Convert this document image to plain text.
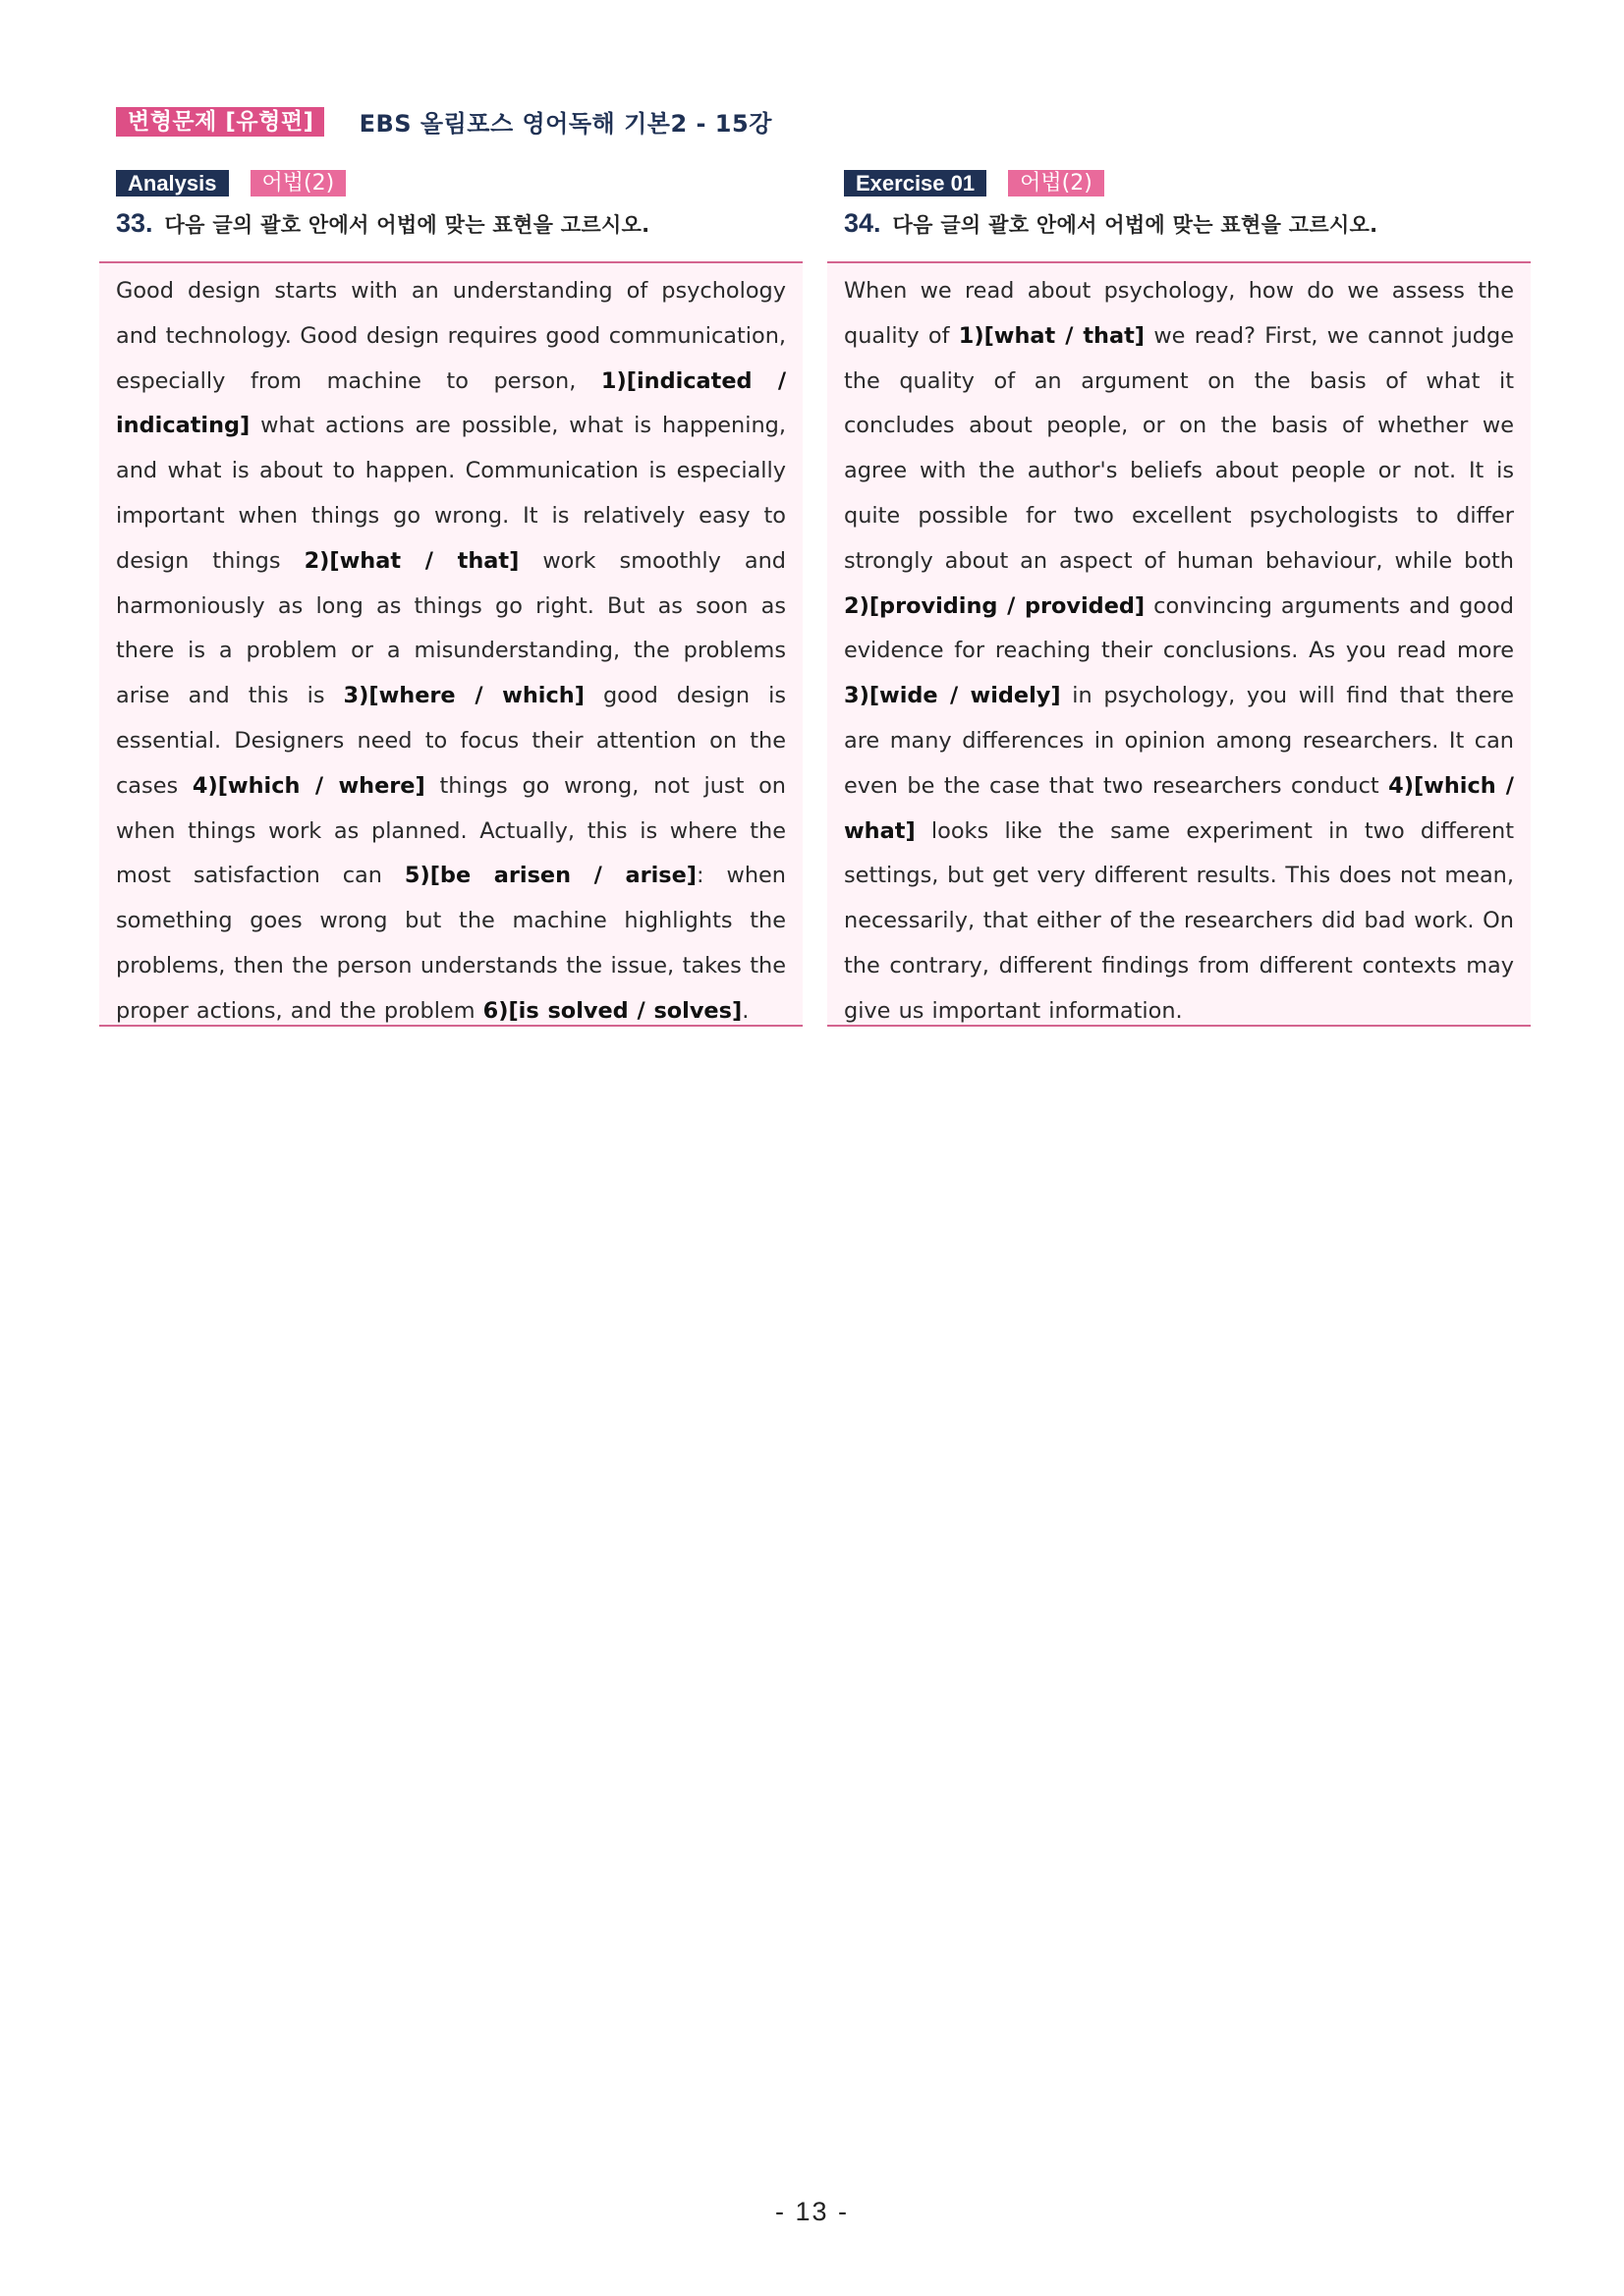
변형문제 [유형편]	EBS 올림포스 영어독해 기본2 - 15강
Analysis	어법(2)
33. 다음 글의 괄호 안에서 어법에 맞는 표현을 고르시오.

Good design starts with an understanding of psychology and technology. Good design requires good communication, especially from machine to person, 1)[indicated / indicating] what actions are possible, what is happening, and what is about to happen. Communication is especially important when things go wrong. It is relatively easy to design things 2)[what / that] work smoothly and harmoniously as long as things go right. But as soon as there is a problem or a misunderstanding, the problems arise and this is 3)[where / which] good design is essential. Designers need to focus their attention on the cases 4)[which / where] things go wrong, not just on when things work as planned. Actually, this is where the most satisfaction can 5)[be arisen / arise]: when something goes wrong but the machine highlights the problems, then the person understands the issue, takes the proper actions, and the problem 6)[is solved / solves].

Exercise 01	어법(2)
34. 다음 글의 괄호 안에서 어법에 맞는 표현을 고르시오.

When we read about psychology, how do we assess the quality of 1)[what / that] we read? First, we cannot judge the quality of an argument on the basis of what it concludes about people, or on the basis of whether we agree with the author's beliefs about people or not. It is quite possible for two excellent psychologists to differ strongly about an aspect of human behaviour, while both 2)[providing / provided] convincing arguments and good evidence for reaching their conclusions. As you read more 3)[wide / widely] in psychology, you will find that there are many differences in opinion among researchers. It can even be the case that two researchers conduct 4)[which / what] looks like the same experiment in two different settings, but get very different results. This does not mean, necessarily, that either of the researchers did bad work. On the contrary, different findings from different contexts may give us important information.

- 13 -
